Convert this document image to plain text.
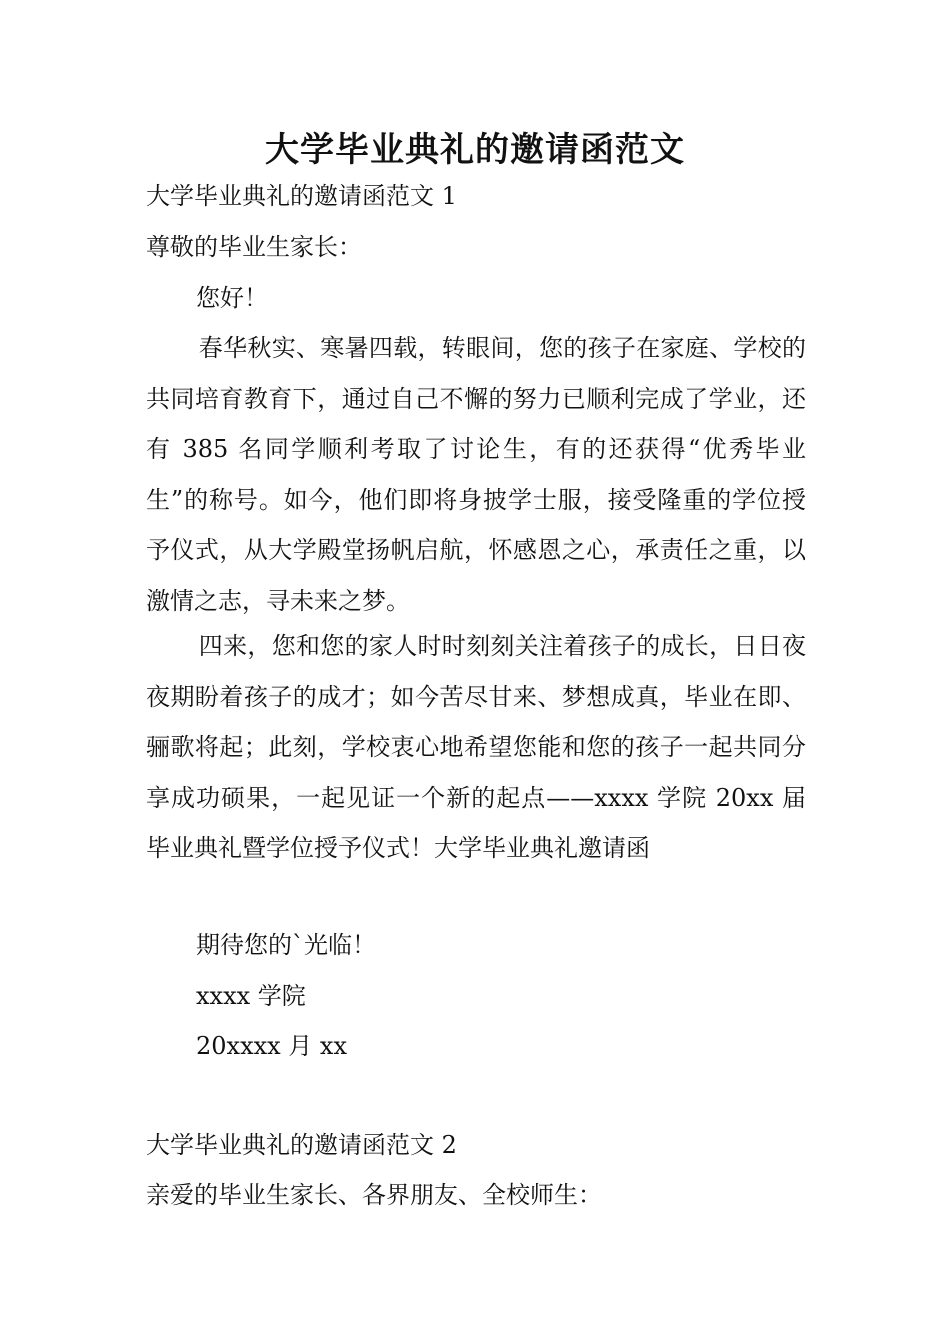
大学毕业典礼的邀请函范文

大学毕业典礼的邀请函范文 1

尊敬的毕业生家长：

您好！

春华秋实、寒暑四载，转眼间，您的孩子在家庭、学校的共同培育教育下，通过自己不懈的努力已顺利完成了学业，还有 385 名同学顺利考取了讨论生，有的还获得“优秀毕业生”的称号。如今，他们即将身披学士服，接受隆重的学位授予仪式，从大学殿堂扬帆启航，怀感恩之心，承责任之重，以激情之志，寻未来之梦。

四来，您和您的家人时时刻刻关注着孩子的成长，日日夜夜期盼着孩子的成才；如今苦尽甘来、梦想成真，毕业在即、骊歌将起；此刻，学校衷心地希望您能和您的孩子一起共同分享成功硕果，一起见证一个新的起点——xxxx 学院 20xx 届毕业典礼暨学位授予仪式！大学毕业典礼邀请函

期待您的`光临！

xxxx 学院

20xxxx 月 xx

大学毕业典礼的邀请函范文 2

亲爱的毕业生家长、各界朋友、全校师生：
